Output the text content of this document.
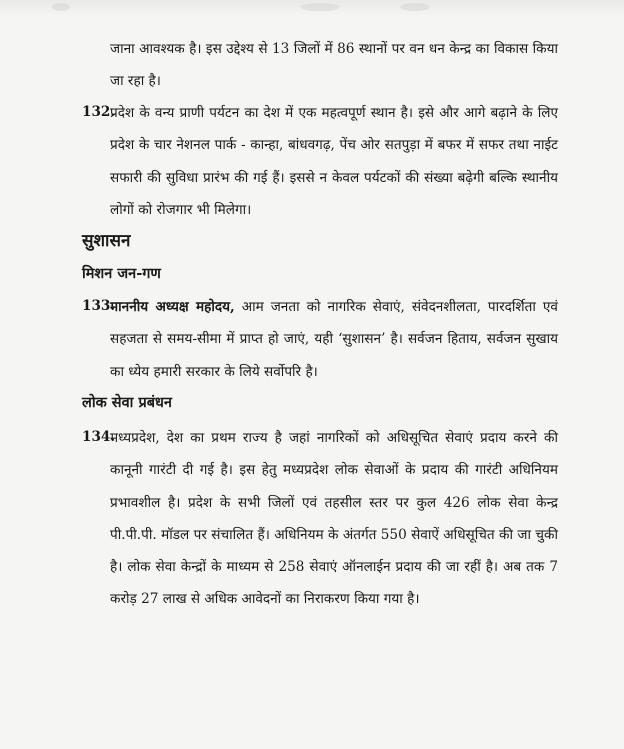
जाना आवश्यक है। इस उद्देश्य से 13 जिलों में 86 स्थानों पर वन धन केन्द्र का विकास किया जा रहा है।

132.

प्रदेश के वन्य प्राणी पर्यटन का देश में एक महत्वपूर्ण स्थान है। इसे और आगे बढ़ाने के लिए प्रदेश के चार नेशनल पार्क - कान्हा, बांधवगढ़, पेंच ओर सतपुड़ा में बफर में सफर तथा नाईट सफारी की सुविधा प्रारंभ की गई हैं। इससे न केवल पर्यटकों की संख्या बढ़ेगी बल्कि स्थानीय लोगों को रोजगार भी मिलेगा।

सुशासन
मिशन जन-गण
133.

माननीय अध्यक्ष महोदय, आम जनता को नागरिक सेवाएं, संवेदनशीलता, पारदर्शिता एवं सहजता से समय-सीमा में प्राप्त हो जाएं, यही ‘सुशासन’ है। सर्वजन हिताय, सर्वजन सुखाय का ध्येय हमारी सरकार के लिये सर्वोपरि है।

लोक सेवा प्रबंधन
134.

मध्यप्रदेश, देश का प्रथम राज्य है जहां नागरिकों को अधिसूचित सेवाएं प्रदाय करने की कानूनी गारंटी दी गई है। इस हेतु मध्यप्रदेश लोक सेवाओं के प्रदाय की गारंटी अधिनियम प्रभावशील है। प्रदेश के सभी जिलों एवं तहसील स्तर पर कुल 426 लोक सेवा केन्द्र पी.पी.पी. मॉडल पर संचालित हैं। अधिनियम के अंतर्गत 550 सेवाऐं अधिसूचित की जा चुकी है। लोक सेवा केन्द्रों के माध्यम से 258 सेवाएं ऑनलाईन प्रदाय की जा रहीं है। अब तक 7 करोड़ 27 लाख से अधिक आवेदनों का निराकरण किया गया है।
